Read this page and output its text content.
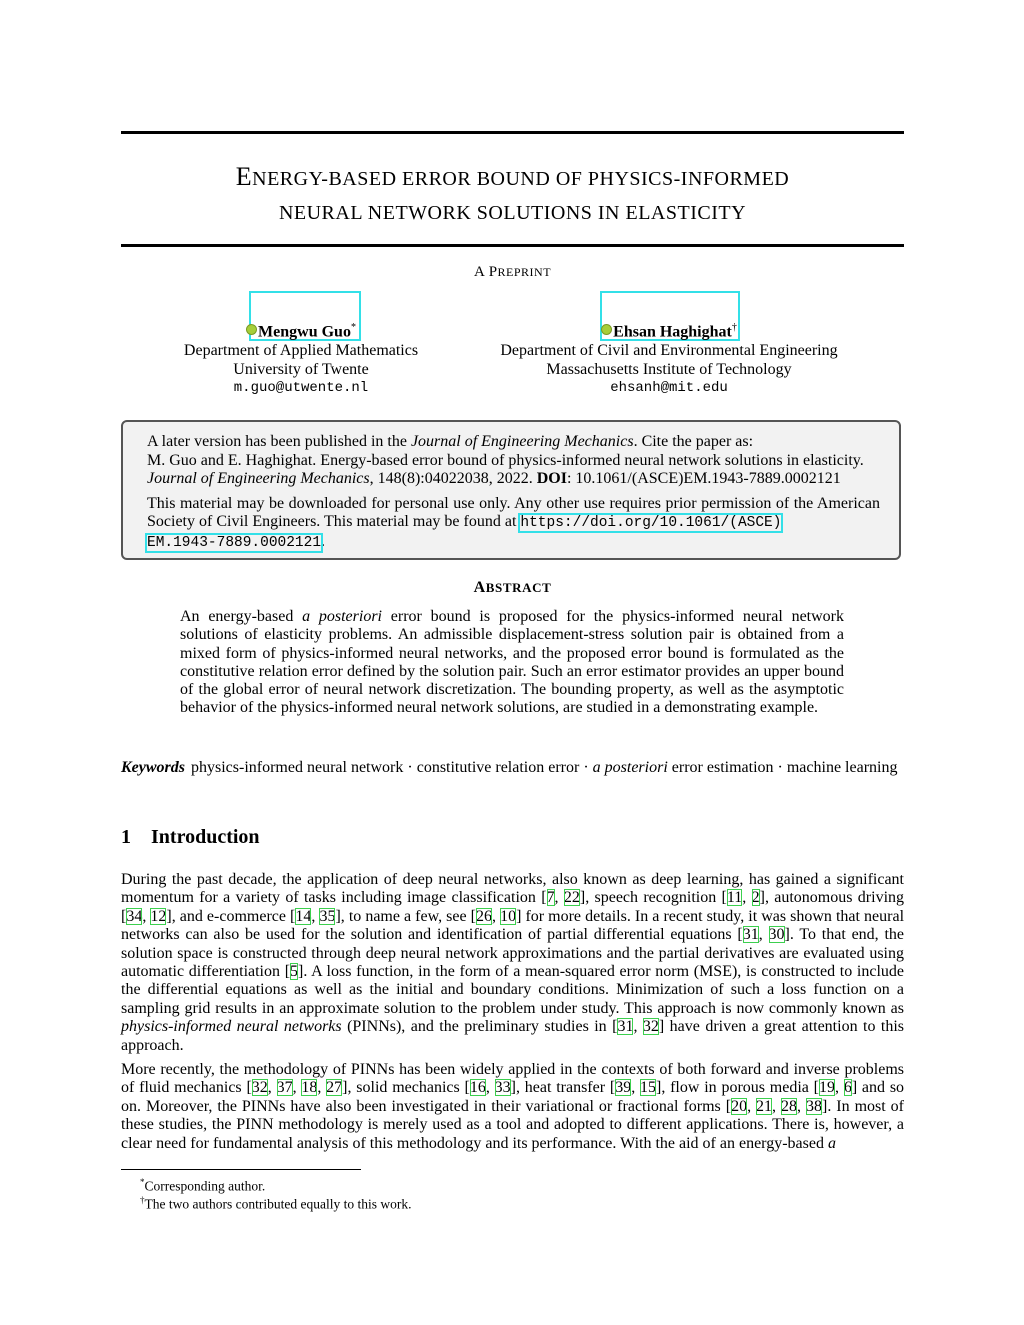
ENERGY-BASED ERROR BOUND OF PHYSICS-INFORMED
NEURAL NETWORK SOLUTIONS IN ELASTICITY
A PREPRINT
Mengwu Guo*
Department of Applied Mathematics
University of Twente
m.guo@utwente.nl
Ehsan Haghighat†
Department of Civil and Environmental Engineering
Massachusetts Institute of Technology
ehsanh@mit.edu

A later version has been published in the Journal of Engineering Mechanics. Cite the paper as:
M. Guo and E. Haghighat. Energy-based error bound of physics-informed neural network solutions in elasticity.
Journal of Engineering Mechanics, 148(8):04022038, 2022. DOI: 10.1061/(ASCE)EM.1943-7889.0002121

This material may be downloaded for personal use only. Any other use requires prior permission of the American Society of Civil Engineers. This material may be found at https://doi.org/10.1061/(ASCE)
EM.1943-7889.0002121.

ABSTRACT
An energy-based a posteriori error bound is proposed for the physics-informed neural network solutions of elasticity problems. An admissible displacement-stress solution pair is obtained from a mixed form of physics-informed neural networks, and the proposed error bound is formulated as the constitutive relation error defined by the solution pair. Such an error estimator provides an upper bound of the global error of neural network discretization. The bounding property, as well as the asymptotic behavior of the physics-informed neural network solutions, are studied in a demonstrating example.
Keywords physics-informed neural network · constitutive relation error · a posteriori error estimation · machine learning
1 Introduction

During the past decade, the application of deep neural networks, also known as deep learning, has gained a significant momentum for a variety of tasks including image classification [7, 22], speech recognition [11, 2], autonomous driving [34, 12], and e-commerce [14, 35], to name a few, see [26, 10] for more details. In a recent study, it was shown that neural networks can also be used for the solution and identification of partial differential equations [31, 30]. To that end, the solution space is constructed through deep neural network approximations and the partial derivatives are evaluated using automatic differentiation [5]. A loss function, in the form of a mean-squared error norm (MSE), is constructed to include the differential equations as well as the initial and boundary conditions. Minimization of such a loss function on a sampling grid results in an approximate solution to the problem under study. This approach is now commonly known as physics-informed neural networks (PINNs), and the preliminary studies in [31, 32] have driven a great attention to this approach.

More recently, the methodology of PINNs has been widely applied in the contexts of both forward and inverse problems of fluid mechanics [32, 37, 18, 27], solid mechanics [16, 33], heat transfer [39, 15], flow in porous media [19, 6] and so on. Moreover, the PINNs have also been investigated in their variational or fractional forms [20, 21, 28, 38]. In most of these studies, the PINN methodology is merely used as a tool and adopted to different applications. There is, however, a clear need for fundamental analysis of this methodology and its performance. With the aid of an energy-based a

*Corresponding author.
†The two authors contributed equally to this work.
